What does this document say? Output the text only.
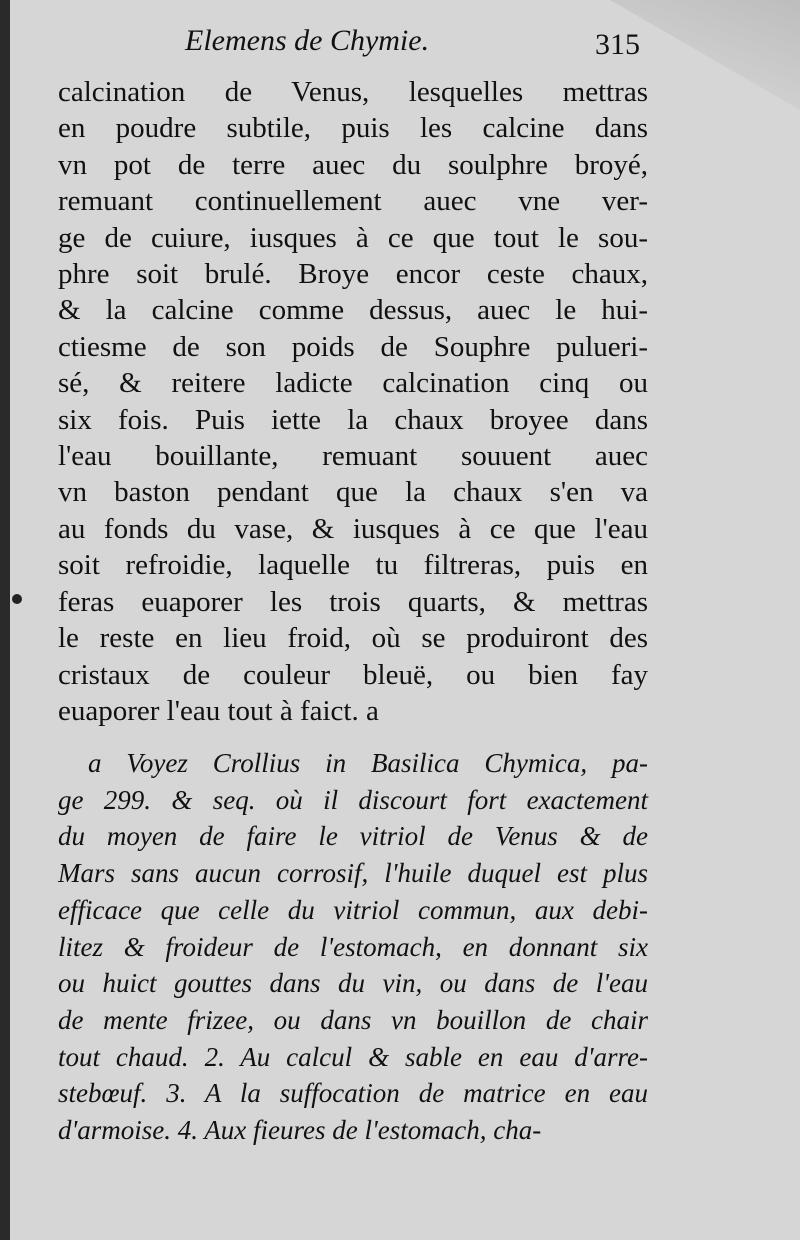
Elemens de Chymie.	315
calcination de Venus, lesquelles mettras
en poudre subtile, puis les calcine dans
vn pot de terre auec du soulphre broyé,
remuant continuellement auec vne ver-
ge de cuiure, iusques à ce que tout le sou-
phre soit brulé. Broye encor ceste chaux,
& la calcine comme dessus, auec le hui-
ctiesme de son poids de Souphre pulueri-
sé, & reitere ladicte calcination cinq ou
six fois. Puis iette la chaux broyee dans
l'eau bouillante, remuant souuent auec
vn baston pendant que la chaux s'en va
au fonds du vase, & iusques à ce que l'eau
soit refroidie, laquelle tu filtreras, puis en
feras euaporer les trois quarts, & mettras
le reste en lieu froid, où se produiront des
cristaux de couleur bleuë, ou bien fay
euaporer l'eau tout à faict. a
a Voyez Crollius in Basilica Chymica, pa-
ge 299. & seq. où il discourt fort exactement
du moyen de faire le vitriol de Venus & de
Mars sans aucun corrosif, l'huile duquel est plus
efficace que celle du vitriol commun, aux debi-
litez & froideur de l'estomach, en donnant six
ou huict gouttes dans du vin, ou dans de l'eau
de mente frizee, ou dans vn bouillon de chair
tout chaud. 2. Au calcul & sable en eau d'arre-
stebœuf. 3. A la suffocation de matrice en eau
d'armoise. 4. Aux fieures de l'estomach, cha-
